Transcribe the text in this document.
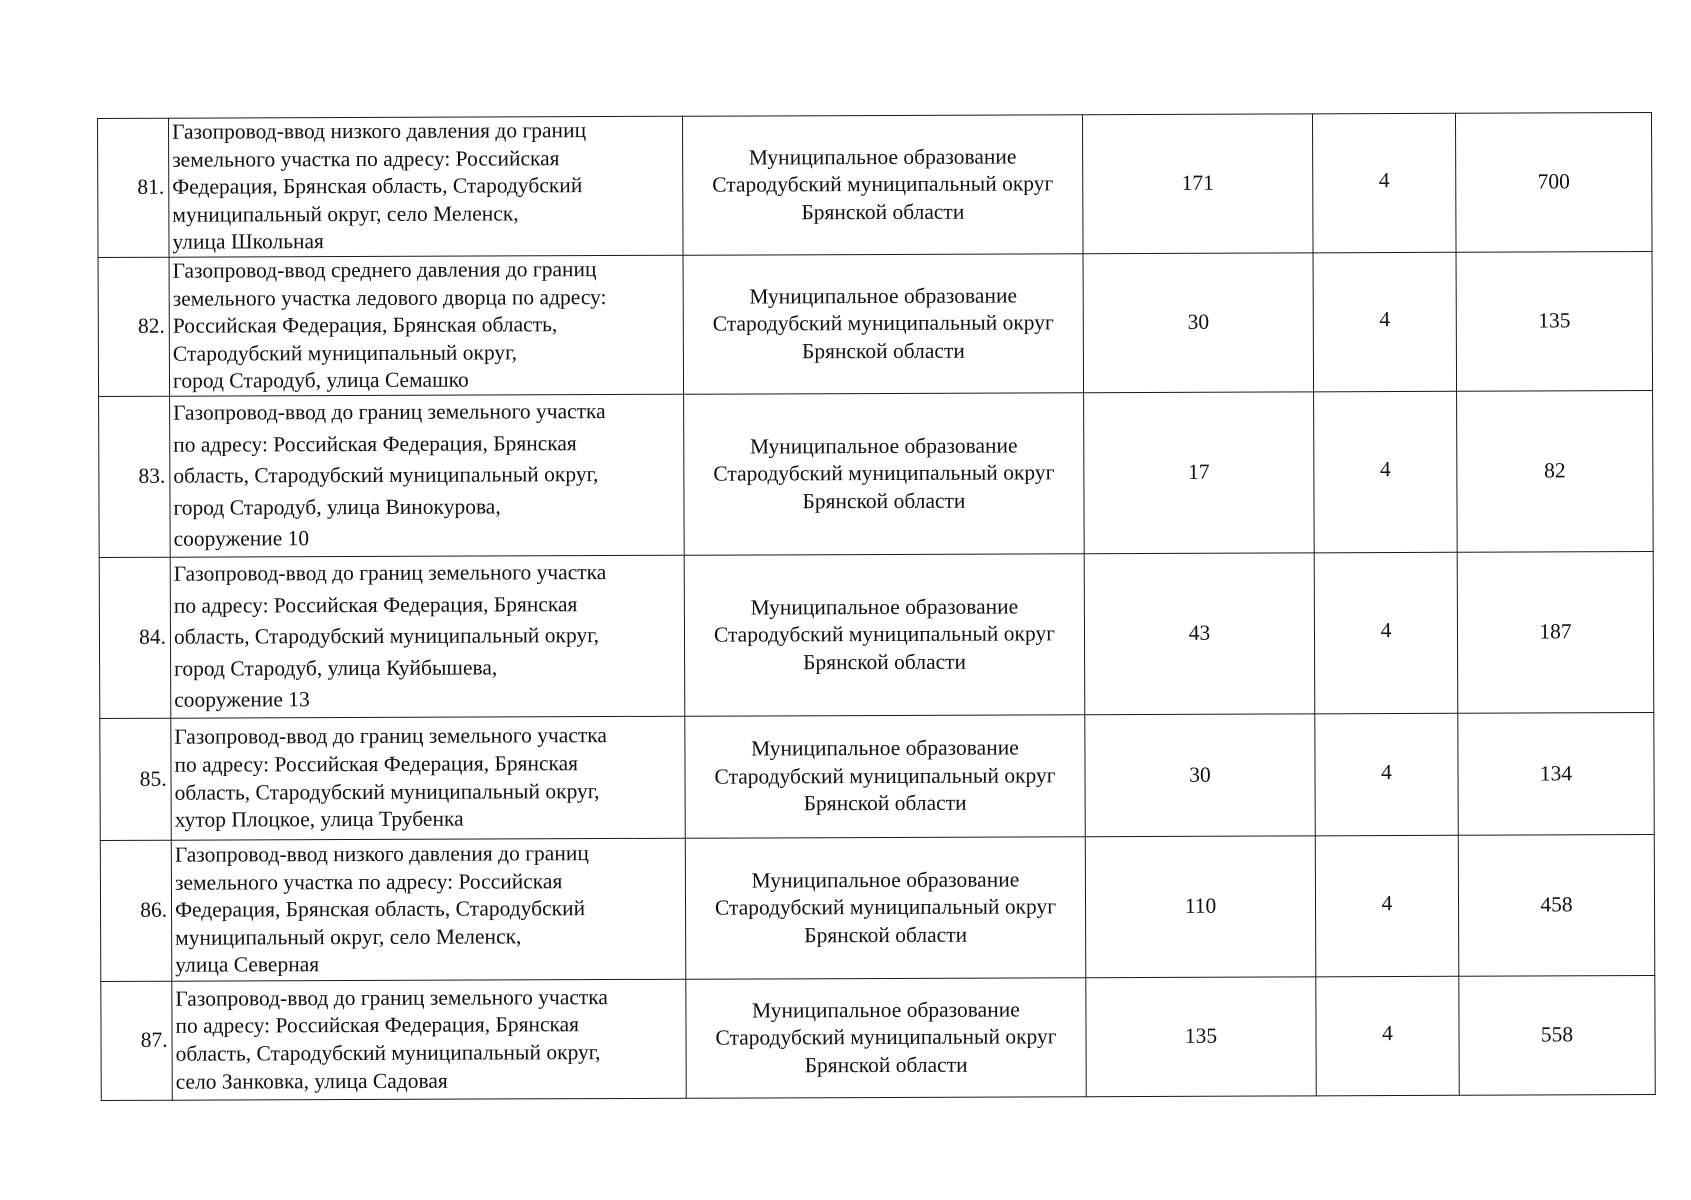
81.	Газопровод-ввод низкого давления до границ
земельного участка по адресу: Российская
Федерация, Брянская область, Стародубский
муниципальный округ, село Меленск,
улица Школьная	Муниципальное образование
Стародубский муниципальный округ
Брянской области	171	4	700
82.	Газопровод-ввод среднего давления до границ
земельного участка ледового дворца по адресу:
Российская Федерация, Брянская область,
Стародубский муниципальный округ,
город Стародуб, улица Семашко	Муниципальное образование
Стародубский муниципальный округ
Брянской области	30	4	135
83.	Газопровод-ввод до границ земельного участка
по адресу: Российская Федерация, Брянская
область, Стародубский муниципальный округ,
город Стародуб, улица Винокурова,
сооружение 10	Муниципальное образование
Стародубский муниципальный округ
Брянской области	17	4	82
84.	Газопровод-ввод до границ земельного участка
по адресу: Российская Федерация, Брянская
область, Стародубский муниципальный округ,
город Стародуб, улица Куйбышева,
сооружение 13	Муниципальное образование
Стародубский муниципальный округ
Брянской области	43	4	187
85.	Газопровод-ввод до границ земельного участка
по адресу: Российская Федерация, Брянская
область, Стародубский муниципальный округ,
хутор Плоцкое, улица Трубенка	Муниципальное образование
Стародубский муниципальный округ
Брянской области	30	4	134
86.	Газопровод-ввод низкого давления до границ
земельного участка по адресу: Российская
Федерация, Брянская область, Стародубский
муниципальный округ, село Меленск,
улица Северная	Муниципальное образование
Стародубский муниципальный округ
Брянской области	110	4	458
87.	Газопровод-ввод до границ земельного участка
по адресу: Российская Федерация, Брянская
область, Стародубский муниципальный округ,
село Занковка, улица Садовая	Муниципальное образование
Стародубский муниципальный округ
Брянской области	135	4	558
